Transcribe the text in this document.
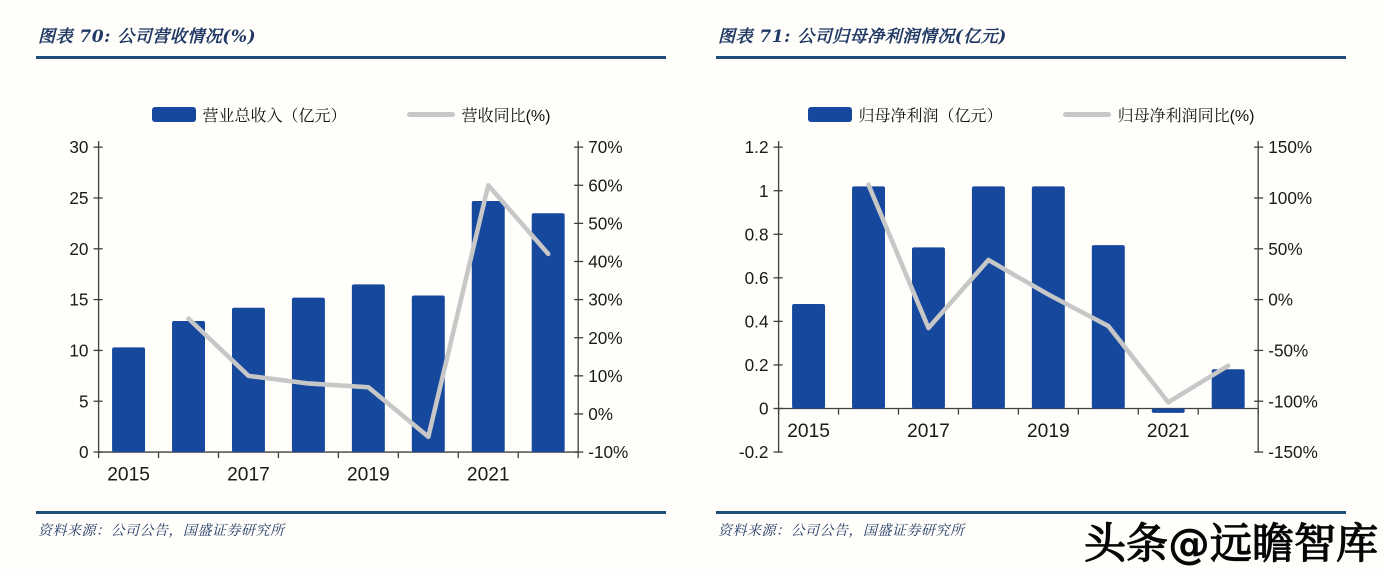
图表 70: 公司营收情况(%)
营业总收入（亿元）	营收同比(%)
0
5
10
15
20
25
30
-10%
0%
10%
20%
30%
40%
50%
60%
70%
2015	2017	2019	2021

资料来源：公司公告，国盛证券研究所

图表 71: 公司归母净利润情况(亿元)
归母净利润（亿元）	归母净利润同比(%)
-0.2
0
0.2
0.4
0.6
0.8
1
1.2
-150%
-100%
-50%
0%
50%
100%
150%
2015	2017	2019	2021

资料来源：公司公告，国盛证券研究所	头条@远瞻智库
